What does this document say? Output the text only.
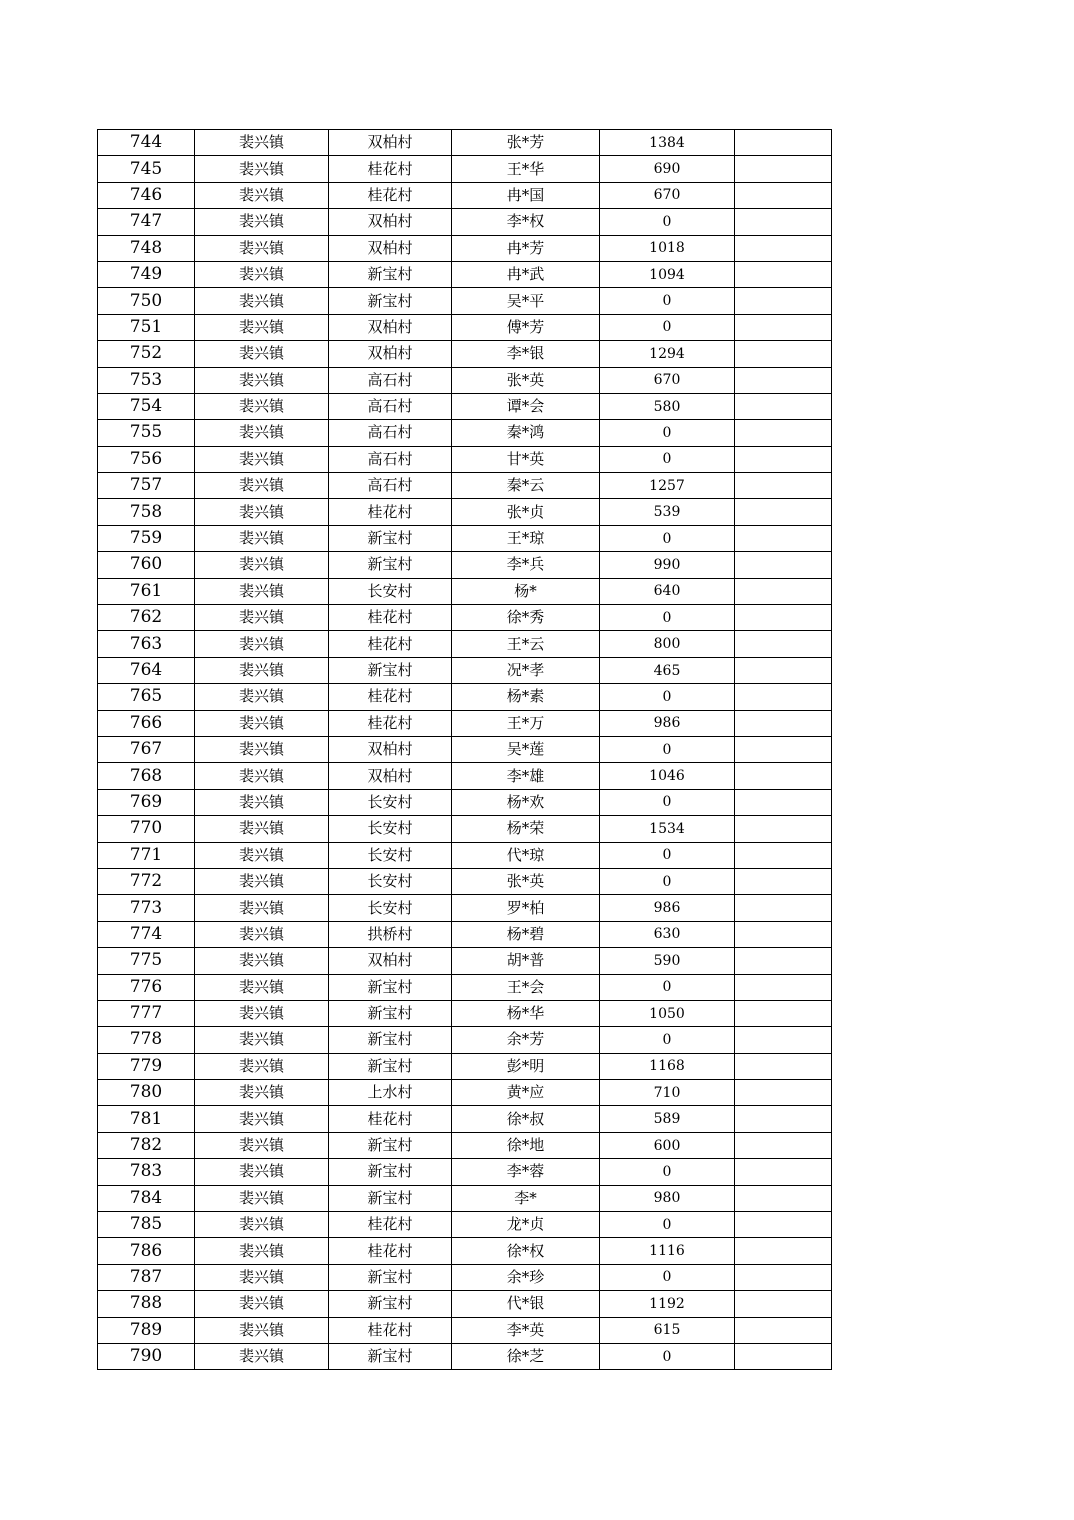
744	裴兴镇	双柏村	张*芳	1384	
745	裴兴镇	桂花村	王*华	690	
746	裴兴镇	桂花村	冉*国	670	
747	裴兴镇	双柏村	李*权	0	
748	裴兴镇	双柏村	冉*芳	1018	
749	裴兴镇	新宝村	冉*武	1094	
750	裴兴镇	新宝村	吴*平	0	
751	裴兴镇	双柏村	傅*芳	0	
752	裴兴镇	双柏村	李*银	1294	
753	裴兴镇	高石村	张*英	670	
754	裴兴镇	高石村	谭*会	580	
755	裴兴镇	高石村	秦*鸿	0	
756	裴兴镇	高石村	甘*英	0	
757	裴兴镇	高石村	秦*云	1257	
758	裴兴镇	桂花村	张*贞	539	
759	裴兴镇	新宝村	王*琼	0	
760	裴兴镇	新宝村	李*兵	990	
761	裴兴镇	长安村	杨*	640	
762	裴兴镇	桂花村	徐*秀	0	
763	裴兴镇	桂花村	王*云	800	
764	裴兴镇	新宝村	况*孝	465	
765	裴兴镇	桂花村	杨*素	0	
766	裴兴镇	桂花村	王*万	986	
767	裴兴镇	双柏村	吴*莲	0	
768	裴兴镇	双柏村	李*雄	1046	
769	裴兴镇	长安村	杨*欢	0	
770	裴兴镇	长安村	杨*荣	1534	
771	裴兴镇	长安村	代*琼	0	
772	裴兴镇	长安村	张*英	0	
773	裴兴镇	长安村	罗*柏	986	
774	裴兴镇	拱桥村	杨*碧	630	
775	裴兴镇	双柏村	胡*普	590	
776	裴兴镇	新宝村	王*会	0	
777	裴兴镇	新宝村	杨*华	1050	
778	裴兴镇	新宝村	余*芳	0	
779	裴兴镇	新宝村	彭*明	1168	
780	裴兴镇	上水村	黄*应	710	
781	裴兴镇	桂花村	徐*叔	589	
782	裴兴镇	新宝村	徐*地	600	
783	裴兴镇	新宝村	李*蓉	0	
784	裴兴镇	新宝村	李*	980	
785	裴兴镇	桂花村	龙*贞	0	
786	裴兴镇	桂花村	徐*权	1116	
787	裴兴镇	新宝村	余*珍	0	
788	裴兴镇	新宝村	代*银	1192	
789	裴兴镇	桂花村	李*英	615	
790	裴兴镇	新宝村	徐*芝	0	
